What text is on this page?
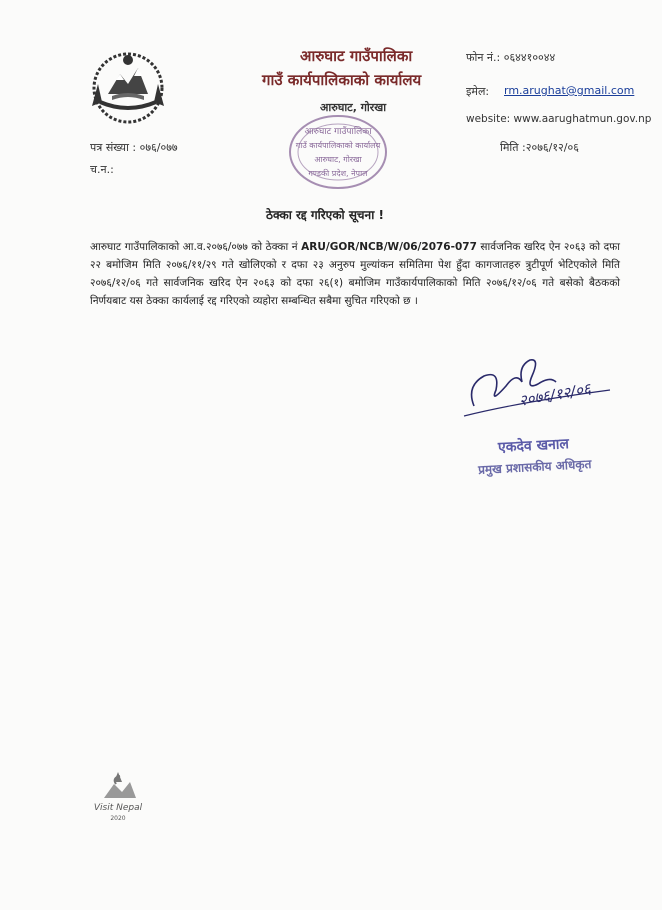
आरुघाट गाउँपालिका
गाउँ कार्यपालिकाको कार्यालय
आरुघाट, गोरखा
फोन नं.: ०६४४१००४४
इमेल: rm.arughat@gmail.com
website: www.aarughatmun.gov.np
पत्र संख्या : ०७६/०७७	मिति :२०७६/१२/०६
च.न.:
आरुघाट गाउँपालिका
गाउँ कार्यपालिकाको कार्यालय
आरुघाट, गोरखा
गण्डकी प्रदेश, नेपाल
ठेक्का रद्द गरिएको सूचना !
आरुघाट गाउँपालिकाको आ.व.२०७६/०७७ को ठेक्का नं ARU/GOR/NCB/W/06/2076-077 सार्वजनिक खरिद ऐन २०६३ को दफा २२ बमोजिम मिति २०७६/११/२९ गते खोलिएको र दफा २३ अनुरुप मुल्यांकन समितिमा पेश हुँदा कागजातहरु त्रुटीपूर्ण भेटिएकोले मिति २०७६/१२/०६ गते सार्वजनिक खरिद ऐन २०६३ को दफा २६(१) बमोजिम गाउँकार्यपालिकाको मिति २०७६/१२/०६ गते बसेको बैठकको निर्णयबाट यस ठेक्का कार्यलाई रद्द गरिएको व्यहोरा सम्बन्धित सबैमा सुचित गरिएको छ ।
२०७६/१२/०६
एकदेव खनाल
प्रमुख प्रशासकीय अधिकृत
Visit Nepal
2020
